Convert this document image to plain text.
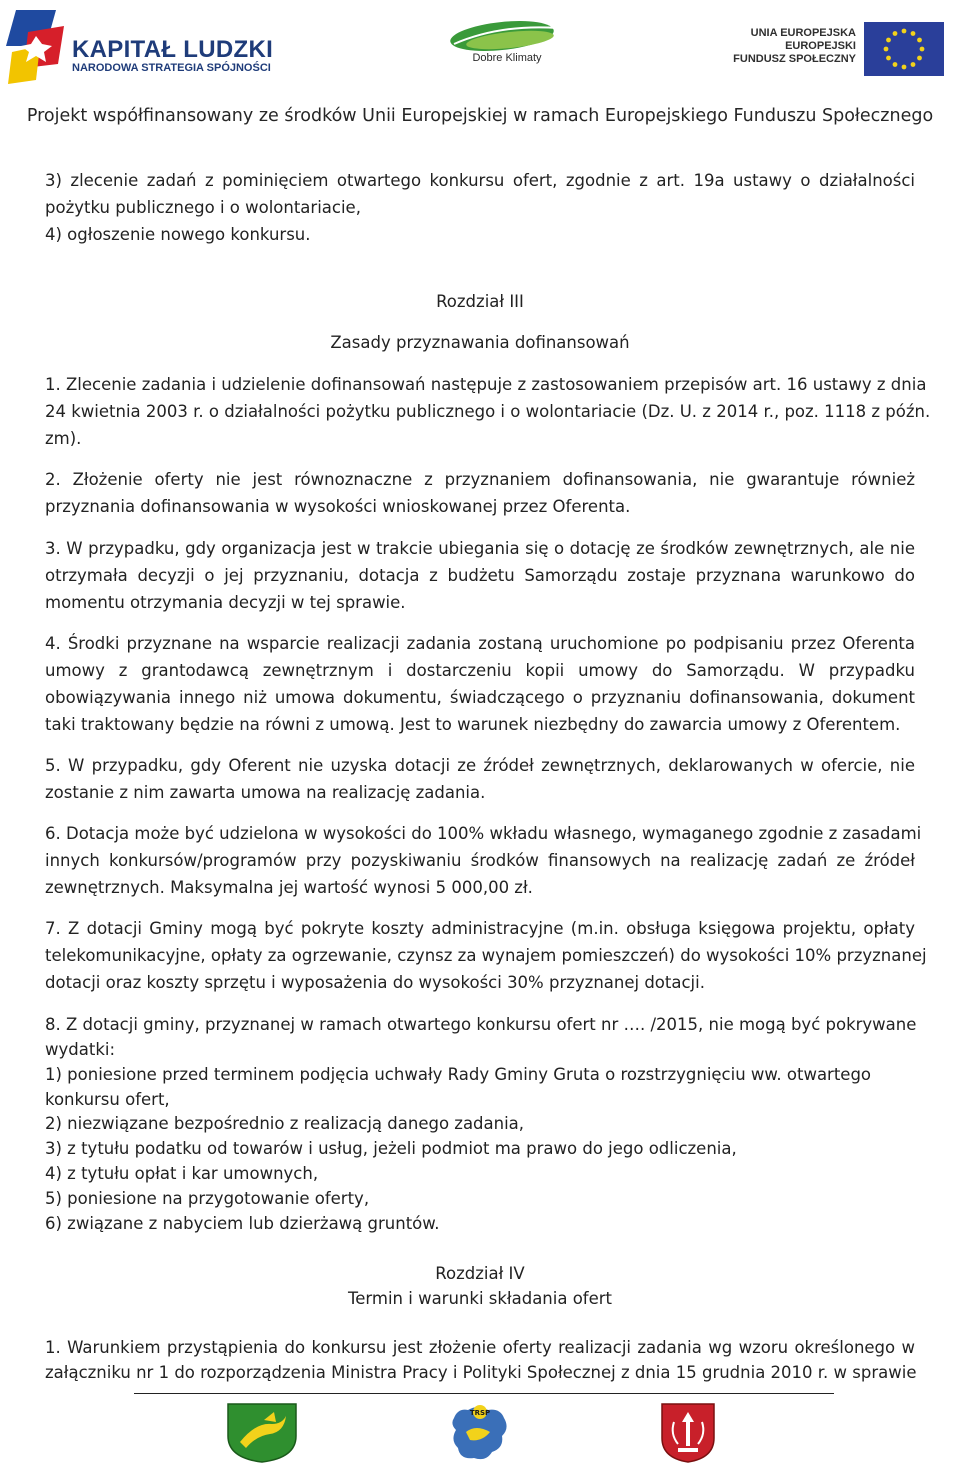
KAPITAŁ LUDZKI
NARODOWA STRATEGIA SPÓJNOŚCI
Dobre Klimaty
UNIA EUROPEJSKA
EUROPEJSKI
FUNDUSZ SPOŁECZNY
Projekt współfinansowany ze środków Unii Europejskiej w ramach Europejskiego Funduszu Społecznego
3) zlecenie zadań z pominięciem otwartego konkursu ofert, zgodnie z art. 19a ustawy o działalności
pożytku publicznego i o wolontariacie,
4) ogłoszenie nowego konkursu.
Rozdział III
Zasady przyznawania dofinansowań
1. Zlecenie zadania i udzielenie dofinansowań następuje z zastosowaniem przepisów art. 16 ustawy z dnia
24 kwietnia 2003 r. o działalności pożytku publicznego i o wolontariacie (Dz. U. z 2014 r., poz. 1118 z późn.
zm).
2. Złożenie oferty nie jest równoznaczne z przyznaniem dofinansowania, nie gwarantuje również
przyznania dofinansowania w wysokości wnioskowanej przez Oferenta.
3. W przypadku, gdy organizacja jest w trakcie ubiegania się o dotację ze środków zewnętrznych, ale nie
otrzymała decyzji o jej przyznaniu, dotacja z budżetu Samorządu zostaje przyznana warunkowo do
momentu otrzymania decyzji w tej sprawie.
4. Środki przyznane na wsparcie realizacji zadania zostaną uruchomione po podpisaniu przez Oferenta
umowy z grantodawcą zewnętrznym i dostarczeniu kopii umowy do Samorządu. W przypadku
obowiązywania innego niż umowa dokumentu, świadczącego o przyznaniu dofinansowania, dokument
taki traktowany będzie na równi z umową. Jest to warunek niezbędny do zawarcia umowy z Oferentem.
5. W przypadku, gdy Oferent nie uzyska dotacji ze źródeł zewnętrznych, deklarowanych w ofercie, nie
zostanie z nim zawarta umowa na realizację zadania.
6. Dotacja może być udzielona w wysokości do 100% wkładu własnego, wymaganego zgodnie z zasadami
innych konkursów/programów przy pozyskiwaniu środków finansowych na realizację zadań ze źródeł
zewnętrznych. Maksymalna jej wartość wynosi 5 000,00 zł.
7. Z dotacji Gminy mogą być pokryte koszty administracyjne (m.in. obsługa księgowa projektu, opłaty
telekomunikacyjne, opłaty za ogrzewanie, czynsz za wynajem pomieszczeń) do wysokości 10% przyznanej
dotacji oraz koszty sprzętu i wyposażenia do wysokości 30% przyznanej dotacji.
8. Z dotacji gminy, przyznanej w ramach otwartego konkursu ofert nr …. /2015, nie mogą być pokrywane
wydatki:
1) poniesione przed terminem podjęcia uchwały Rady Gminy Gruta o rozstrzygnięciu ww. otwartego
konkursu ofert,
2) niezwiązane bezpośrednio z realizacją danego zadania,
3) z tytułu podatku od towarów i usług, jeżeli podmiot ma prawo do jego odliczenia,
4) z tytułu opłat i kar umownych,
5) poniesione na przygotowanie oferty,
6) związane z nabyciem lub dzierżawą gruntów.
Rozdział IV
Termin i warunki składania ofert
1. Warunkiem przystąpienia do konkursu jest złożenie oferty realizacji zadania wg wzoru określonego w
załączniku nr 1 do rozporządzenia Ministra Pracy i Polityki Społecznej z dnia 15 grudnia 2010 r. w sprawie
TRSP
